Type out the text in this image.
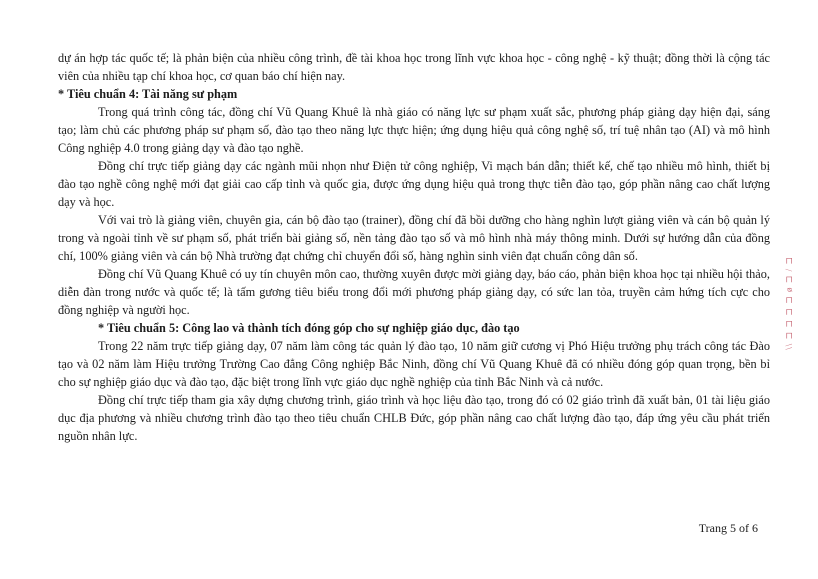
dự án hợp tác quốc tế; là phản biện của nhiều công trình, đề tài khoa học trong lĩnh vực khoa học - công nghệ - kỹ thuật; đồng thời là cộng tác viên của nhiều tạp chí khoa học, cơ quan báo chí hiện nay.

* Tiêu chuẩn 4: Tài năng sư phạm

Trong quá trình công tác, đồng chí Vũ Quang Khuê là nhà giáo có năng lực sư phạm xuất sắc, phương pháp giảng dạy hiện đại, sáng tạo; làm chủ các phương pháp sư phạm số, đào tạo theo năng lực thực hiện; ứng dụng hiệu quả công nghệ số, trí tuệ nhân tạo (AI) và mô hình Công nghiệp 4.0 trong giảng dạy và đào tạo nghề.

Đồng chí trực tiếp giảng dạy các ngành mũi nhọn như Điện tử công nghiệp, Vi mạch bán dẫn; thiết kế, chế tạo nhiều mô hình, thiết bị đào tạo nghề công nghệ mới đạt giải cao cấp tỉnh và quốc gia, được ứng dụng hiệu quả trong thực tiễn đào tạo, góp phần nâng cao chất lượng dạy và học.

Với vai trò là giảng viên, chuyên gia, cán bộ đào tạo (trainer), đồng chí đã bồi dưỡng cho hàng nghìn lượt giảng viên và cán bộ quản lý trong và ngoài tỉnh về sư phạm số, phát triển bài giảng số, nền tảng đào tạo số và mô hình nhà máy thông minh. Dưới sự hướng dẫn của đồng chí, 100% giảng viên và cán bộ Nhà trường đạt chứng chỉ chuyển đổi số, hàng nghìn sinh viên đạt chuẩn công dân số.

Đồng chí Vũ Quang Khuê có uy tín chuyên môn cao, thường xuyên được mời giảng dạy, báo cáo, phản biện khoa học tại nhiều hội thảo, diễn đàn trong nước và quốc tế; là tấm gương tiêu biểu trong đổi mới phương pháp giảng dạy, có sức lan tỏa, truyền cảm hứng tích cực cho đồng nghiệp và người học.

* Tiêu chuẩn 5: Công lao và thành tích đóng góp cho sự nghiệp giáo dục, đào tạo

Trong 22 năm trực tiếp giảng dạy, 07 năm làm công tác quản lý đào tạo, 10 năm giữ cương vị Phó Hiệu trưởng phụ trách công tác Đào tạo và 02 năm làm Hiệu trưởng Trường Cao đẳng Công nghiệp Bắc Ninh, đồng chí Vũ Quang Khuê đã có nhiều đóng góp quan trọng, bền bỉ cho sự nghiệp giáo dục và đào tạo, đặc biệt trong lĩnh vực giáo dục nghề nghiệp của tỉnh Bắc Ninh và cả nước.

Đồng chí trực tiếp tham gia xây dựng chương trình, giáo trình và học liệu đào tạo, trong đó có 02 giáo trình đã xuất bản, 01 tài liệu giáo dục địa phương và nhiều chương trình đào tạo theo tiêu chuẩn CHLB Đức, góp phần nâng cao chất lượng đào tạo, đáp ứng yêu cầu phát triển nguồn nhân lực.

\\ ⊐ ⊐ ⊐ ⊐ ø ⊐ / ⊐
Trang 5 of 6
